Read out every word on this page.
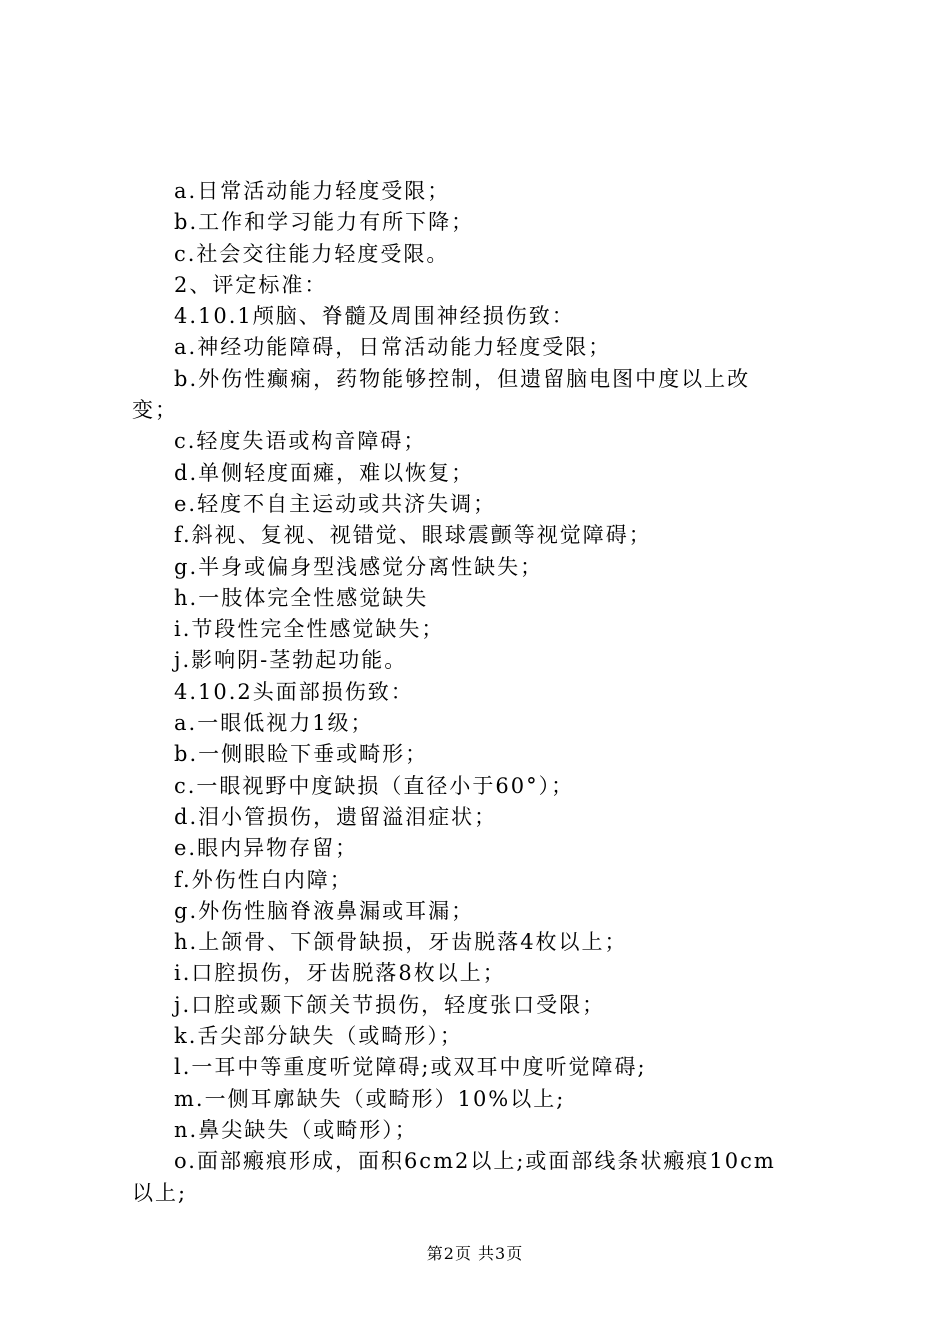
a.日常活动能力轻度受限；
b.工作和学习能力有所下降；
c.社会交往能力轻度受限。
2、评定标准：
4.10.1颅脑、脊髓及周围神经损伤致：
a.神经功能障碍，日常活动能力轻度受限；
b.外伤性癫痫，药物能够控制，但遗留脑电图中度以上改
变；
c.轻度失语或构音障碍；
d.单侧轻度面瘫，难以恢复；
e.轻度不自主运动或共济失调；
f.斜视、复视、视错觉、眼球震颤等视觉障碍；
g.半身或偏身型浅感觉分离性缺失；
h.一肢体完全性感觉缺失
i.节段性完全性感觉缺失；
j.影响阴-茎勃起功能。
4.10.2头面部损伤致：
a.一眼低视力1级；
b.一侧眼睑下垂或畸形；
c.一眼视野中度缺损（直径小于60°）；
d.泪小管损伤，遗留溢泪症状；
e.眼内异物存留；
f.外伤性白内障；
g.外伤性脑脊液鼻漏或耳漏；
h.上颌骨、下颌骨缺损，牙齿脱落4枚以上；
i.口腔损伤，牙齿脱落8枚以上；
j.口腔或颞下颌关节损伤，轻度张口受限；
k.舌尖部分缺失（或畸形）；
l.一耳中等重度听觉障碍;或双耳中度听觉障碍;
m.一侧耳廓缺失（或畸形）10%以上;
n.鼻尖缺失（或畸形）；
o.面部瘢痕形成，面积6cm2以上;或面部线条状瘢痕10cm
以上;
第2页 共3页
